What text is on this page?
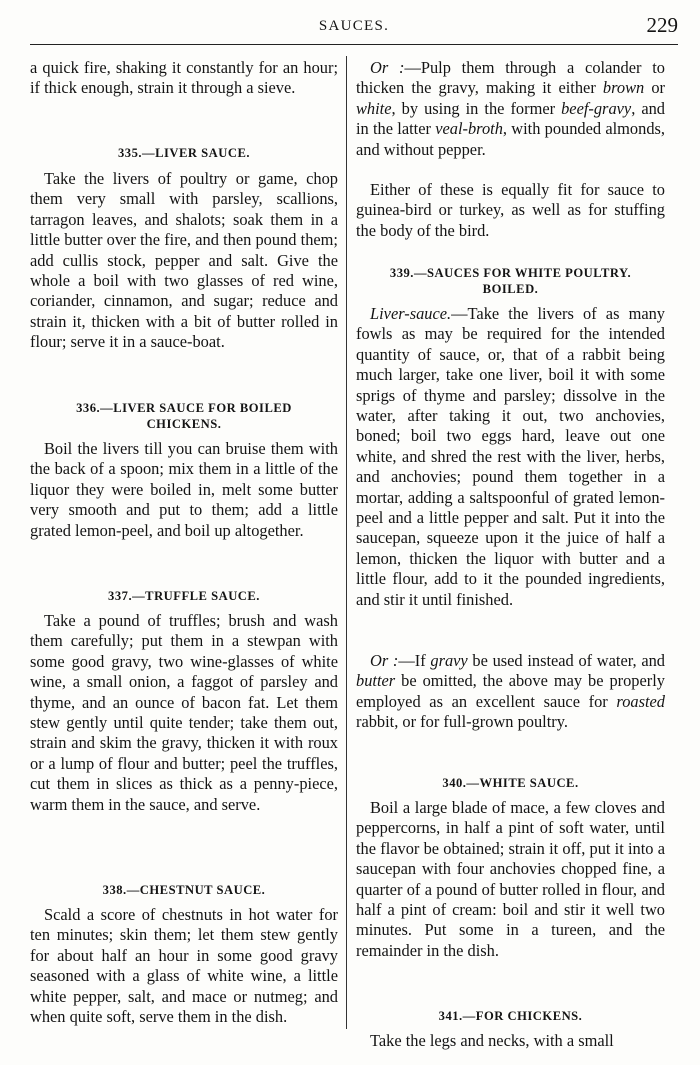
SAUCES.	229

a quick fire, shaking it constantly for an hour; if thick enough, strain it through a sieve.

335.—LIVER SAUCE.

Take the livers of poultry or game, chop them very small with parsley, scallions, tarragon leaves, and shalots; soak them in a little butter over the fire, and then pound them; add cullis stock, pepper and salt. Give the whole a boil with two glasses of red wine, coriander, cinnamon, and sugar; reduce and strain it, thicken with a bit of butter rolled in flour; serve it in a sauce-boat.

336.—LIVER SAUCE FOR BOILED
CHICKENS.

Boil the livers till you can bruise them with the back of a spoon; mix them in a little of the liquor they were boiled in, melt some butter very smooth and put to them; add a little grated lemon-peel, and boil up altogether.

337.—TRUFFLE SAUCE.

Take a pound of truffles; brush and wash them carefully; put them in a stewpan with some good gravy, two wine-glasses of white wine, a small onion, a faggot of parsley and thyme, and an ounce of bacon fat. Let them stew gently until quite tender; take them out, strain and skim the gravy, thicken it with roux or a lump of flour and butter; peel the truffles, cut them in slices as thick as a penny-piece, warm them in the sauce, and serve.

338.—CHESTNUT SAUCE.

Scald a score of chestnuts in hot water for ten minutes; skin them; let them stew gently for about half an hour in some good gravy seasoned with a glass of white wine, a little white pepper, salt, and mace or nutmeg; and when quite soft, serve them in the dish.

Or :—Pulp them through a colander to thicken the gravy, making it either brown or white, by using in the former beef-gravy, and in the latter veal-broth, with pounded almonds, and without pepper.

Either of these is equally fit for sauce to guinea-bird or turkey, as well as for stuffing the body of the bird.

339.—SAUCES FOR WHITE POULTRY.
BOILED.

Liver-sauce.—Take the livers of as many fowls as may be required for the intended quantity of sauce, or, that of a rabbit being much larger, take one liver, boil it with some sprigs of thyme and parsley; dissolve in the water, after taking it out, two anchovies, boned; boil two eggs hard, leave out one white, and shred the rest with the liver, herbs, and anchovies; pound them together in a mortar, adding a saltspoonful of grated lemon-peel and a little pepper and salt. Put it into the saucepan, squeeze upon it the juice of half a lemon, thicken the liquor with butter and a little flour, add to it the pounded ingredients, and stir it until finished.

Or :—If gravy be used instead of water, and butter be omitted, the above may be properly employed as an excellent sauce for roasted rabbit, or for full-grown poultry.

340.—WHITE SAUCE.

Boil a large blade of mace, a few cloves and peppercorns, in half a pint of soft water, until the flavor be obtained; strain it off, put it into a saucepan with four anchovies chopped fine, a quarter of a pound of butter rolled in flour, and half a pint of cream: boil and stir it well two minutes. Put some in a tureen, and the remainder in the dish.

341.—FOR CHICKENS.

Take the legs and necks, with a small
